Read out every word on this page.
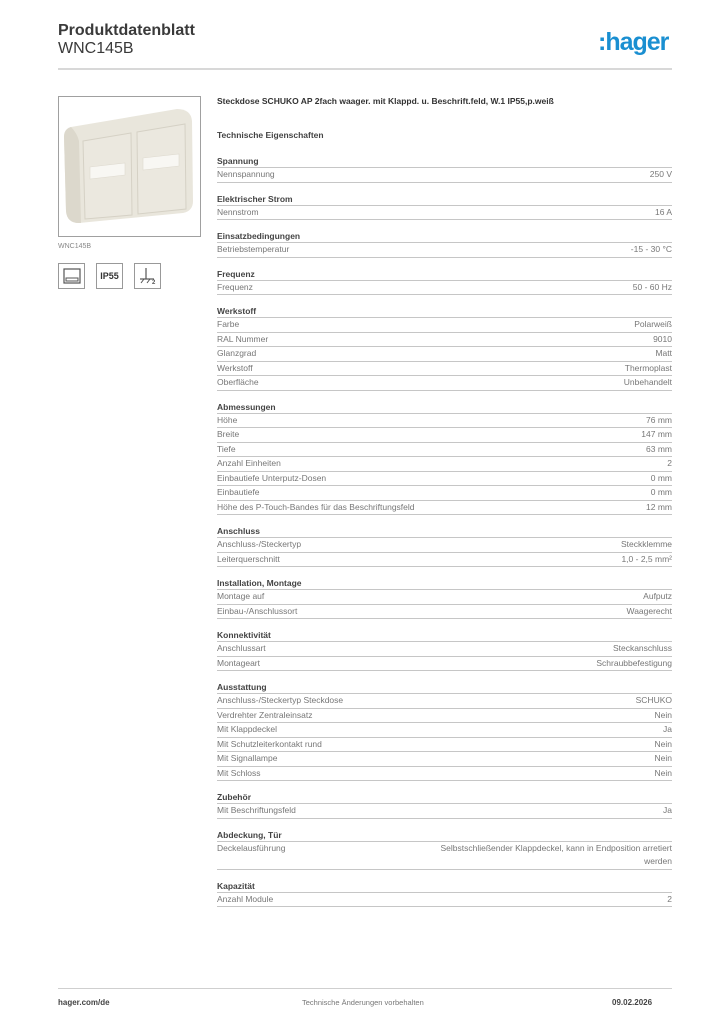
Produktdatenblatt
WNC145B	:hager
WNC145B
IP55
2
Steckdose SCHUKO AP 2fach waager. mit Klappd. u. Beschrift.feld, W.1 IP55,p.weiß
Technische Eigenschaften
Spannung
Nennspannung	250 V
Elektrischer Strom
Nennstrom	16 A
Einsatzbedingungen
Betriebstemperatur	-15 - 30 °C
Frequenz
Frequenz	50 - 60 Hz
Werkstoff
Farbe	Polarweiß
RAL Nummer	9010
Glanzgrad	Matt
Werkstoff	Thermoplast
Oberfläche	Unbehandelt
Abmessungen
Höhe	76 mm
Breite	147 mm
Tiefe	63 mm
Anzahl Einheiten	2
Einbautiefe Unterputz-Dosen	0 mm
Einbautiefe	0 mm
Höhe des P-Touch-Bandes für das Beschriftungsfeld	12 mm
Anschluss
Anschluss-/Steckertyp	Steckklemme
Leiterquerschnitt	1,0 - 2,5 mm²
Installation, Montage
Montage auf	Aufputz
Einbau-/Anschlussort	Waagerecht
Konnektivität
Anschlussart	Steckanschluss
Montageart	Schraubbefestigung
Ausstattung
Anschluss-/Steckertyp Steckdose	SCHUKO
Verdrehter Zentraleinsatz	Nein
Mit Klappdeckel	Ja
Mit Schutzleiterkontakt rund	Nein
Mit Signallampe	Nein
Mit Schloss	Nein
Zubehör
Mit Beschriftungsfeld	Ja
Abdeckung, Tür
Deckelausführung	Selbstschließender Klappdeckel, kann in Endposition arretiert werden
Kapazität
Anzahl Module	2
hager.com/de	Technische Änderungen vorbehalten	09.02.2026
